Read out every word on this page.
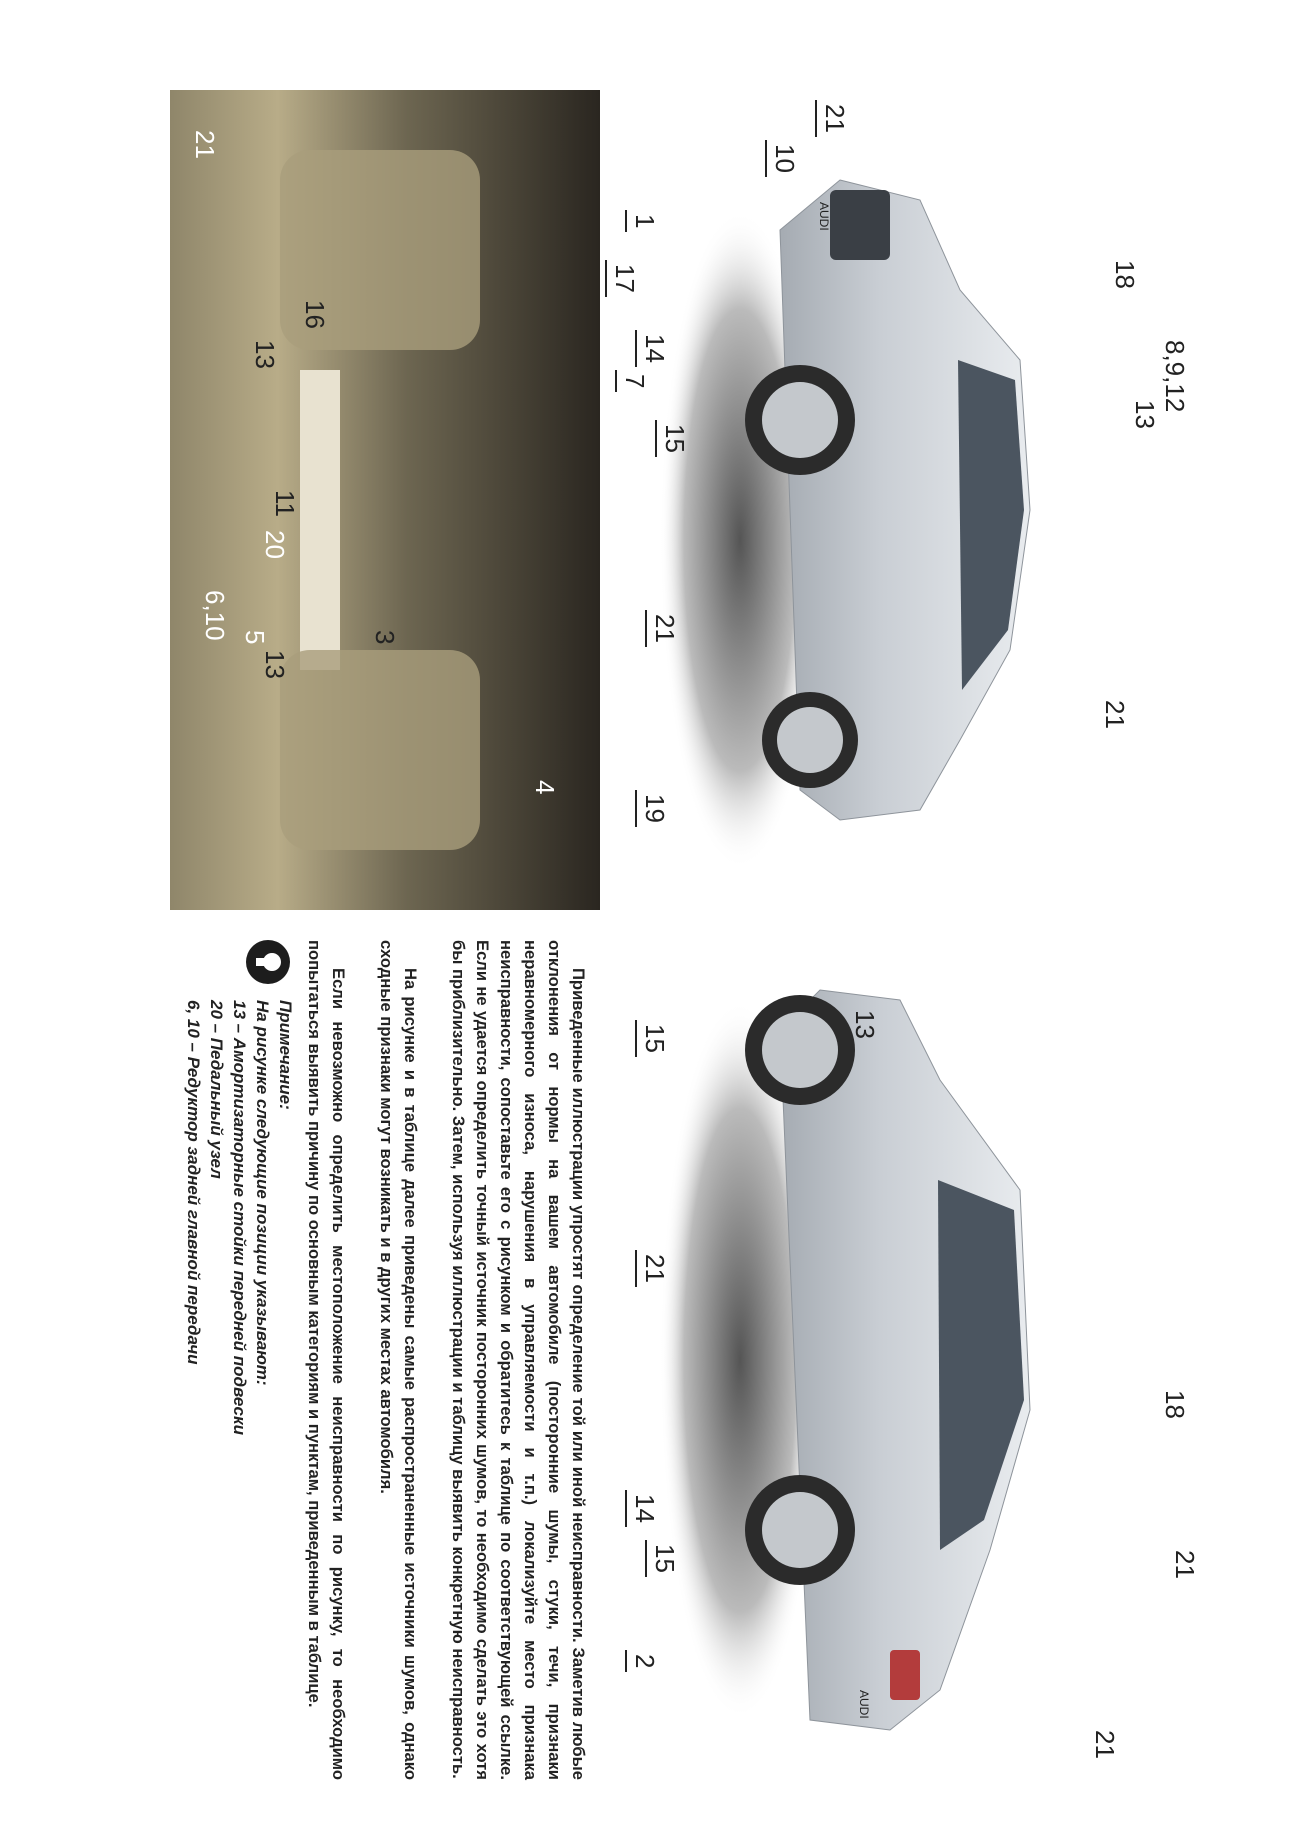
AUDI
18
8,9,12
13
21
15
7
14
17
1
10
21
19
21
AUDI
18
21
21
2
15
14
21
15	13
4
13
3
5
6,10
20
11
13
16
21

Приведенные иллюстрации упростят определение той или иной неисправности. Заметив любые отклонения от нормы на вашем автомобиле (посторонние шумы, стуки, течи, признаки неравномерного износа, нарушения в управляемости и т.п.) локализуйте место признака неисправности, сопоставьте его с рисунком и обратитесь к таблице по соответствующей ссылке. Если не удается определить точный источник посторонних шумов, то необходимо сделать это хотя бы приблизительно. Затем, используя иллюстрации и таблицу выявить конкретную неисправность.

На рисунке и в таблице далее приведены самые распространенные источники шумов, однако сходные признаки могут возникать и в других местах автомобиля.

Если невозможно определить местоположение неисправности по рисунку, то необходимо попытаться выявить причину по основным категориям и пунктам, приведенным в таблице.

Примечание:
На рисунке следующие позиции указывают:
13 – Амортизаторные стойки передней подвески
20 – Педальный узел
6, 10 – Редуктор задней главной передачи
